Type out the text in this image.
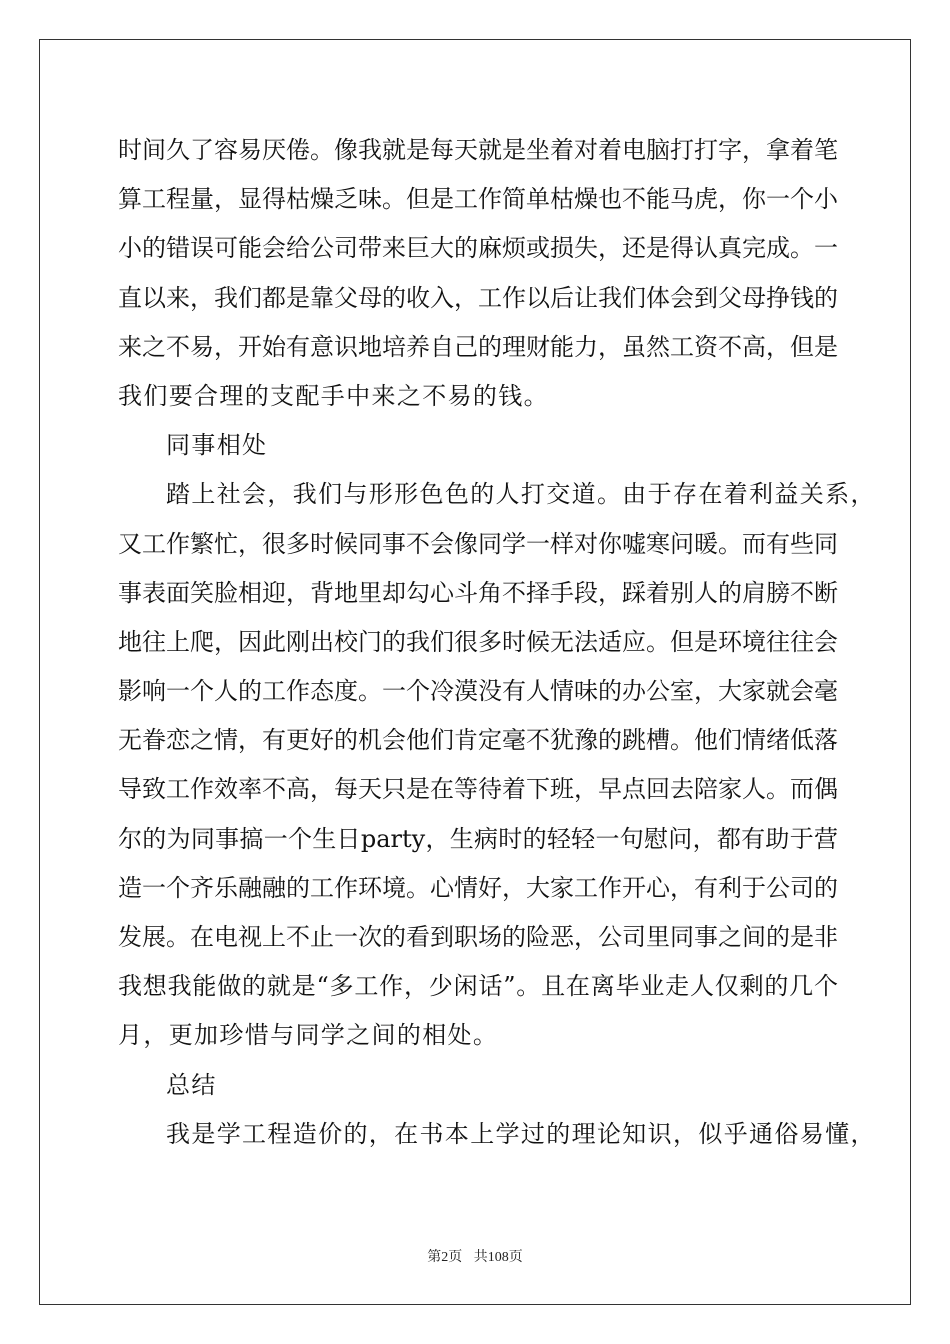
时间久了容易厌倦。像我就是每天就是坐着对着电脑打打字，拿着笔
算工程量，显得枯燥乏味。但是工作简单枯燥也不能马虎，你一个小
小的错误可能会给公司带来巨大的麻烦或损失，还是得认真完成。一
直以来，我们都是靠父母的收入，工作以后让我们体会到父母挣钱的
来之不易，开始有意识地培养自己的理财能力，虽然工资不高，但是
我们要合理的支配手中来之不易的钱。
同事相处
踏上社会，我们与形形色色的人打交道。由于存在着利益关系，
又工作繁忙，很多时候同事不会像同学一样对你嘘寒问暖。而有些同
事表面笑脸相迎，背地里却勾心斗角不择手段，踩着别人的肩膀不断
地往上爬，因此刚出校门的我们很多时候无法适应。但是环境往往会
影响一个人的工作态度。一个冷漠没有人情味的办公室，大家就会毫
无眷恋之情，有更好的机会他们肯定毫不犹豫的跳槽。他们情绪低落
导致工作效率不高，每天只是在等待着下班，早点回去陪家人。而偶
尔的为同事搞一个生日party，生病时的轻轻一句慰问，都有助于营
造一个齐乐融融的工作环境。心情好，大家工作开心，有利于公司的
发展。在电视上不止一次的看到职场的险恶，公司里同事之间的是非
我想我能做的就是“多工作，少闲话”。且在离毕业走人仅剩的几个
月，更加珍惜与同学之间的相处。
总结
我是学工程造价的，在书本上学过的理论知识，似乎通俗易懂，
第2页 共108页
